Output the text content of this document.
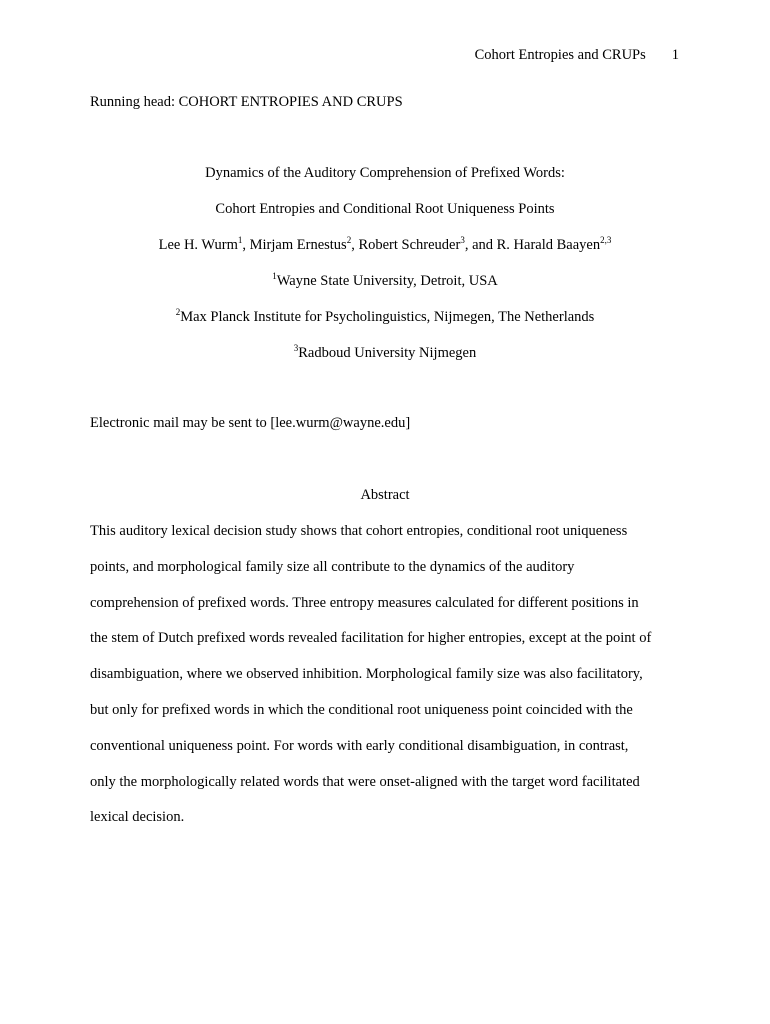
Cohort Entropies and CRUPs 1
Running head: COHORT ENTROPIES AND CRUPS
Dynamics of the Auditory Comprehension of Prefixed Words:
Cohort Entropies and Conditional Root Uniqueness Points
Lee H. Wurm$^1$, Mirjam Ernestus$^2$, Robert Schreuder$^3$, and R. Harald Baayen$^{2,3}$
$^1$Wayne State University, Detroit, USA
$^2$Max Planck Institute for Psycholinguistics, Nijmegen, The Netherlands
$^3$Radboud University Nijmegen
Electronic mail may be sent to [lee.wurm@wayne.edu]
Abstract
This auditory lexical decision study shows that cohort entropies, conditional root uniqueness
points, and morphological family size all contribute to the dynamics of the auditory
comprehension of prefixed words. Three entropy measures calculated for different positions in
the stem of Dutch prefixed words revealed facilitation for higher entropies, except at the point of
disambiguation, where we observed inhibition. Morphological family size was also facilitatory,
but only for prefixed words in which the conditional root uniqueness point coincided with the
conventional uniqueness point. For words with early conditional disambiguation, in contrast,
only the morphologically related words that were onset-aligned with the target word facilitated
lexical decision.
